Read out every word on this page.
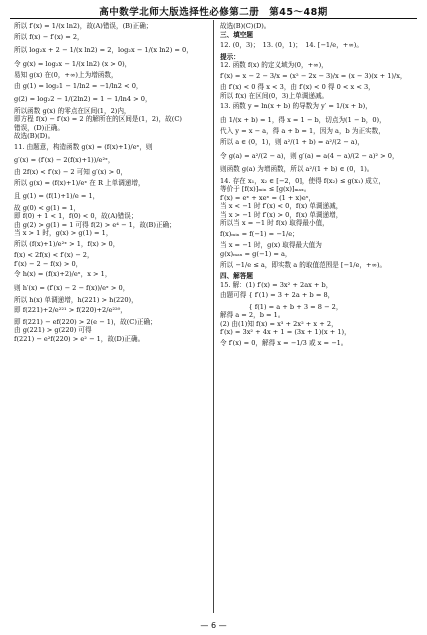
高中数学北师大版选择性必修第二册　第45～48期

所以 f′(x) = 1/(x ln2)，故(A)错误，(B)正确；

所以 f(x) − f′(x) = 2，

所以 log₂x + 2 − 1/(x ln2) = 2，log₂x − 1/(x ln2) = 0，

令 g(x) = log₂x − 1/(x ln2) (x > 0)，

易知 g(x) 在(0，+∞)上为增函数，

由 g(1) = log₂1 − 1/ln2 = −1/ln2 < 0，

g(2) = log₂2 − 1/(2ln2) = 1 − 1/ln4 > 0，

所以函数 g(x) 的零点在区间(1，2)内，

即方程 f(x) − f′(x) = 2 的解所在的区间是(1，2)，故(C)

错误，(D)正确。

故选(B)(D)。

11. 由题意，构造函数 g(x) = (f(x)+1)/eˣ，则

g′(x) = (f′(x) − 2(f(x)+1))/e²ˣ，

由 2f(x) < f′(x) − 2 可知 g′(x) > 0，

所以 g(x) = (f(x)+1)/eˣ 在 R 上单调递增，

且 g(1) = (f(1)+1)/e = 1，

故 g(0) < g(1) = 1，

即 f(0) + 1 < 1，f(0) < 0，故(A)错误；

由 g(2) > g(1) = 1 可得 f(2) > e⁴ − 1，故(B)正确；

当 x > 1 时，g(x) > g(1) = 1，

所以 (f(x)+1)/e²ˣ > 1，f(x) > 0，

f(x) < 2f(x) < f′(x) − 2，

f′(x) − 2 − f(x) > 0，

令 h(x) = (f(x)+2)/eˣ，x > 1，

则 h′(x) = (f′(x) − 2 − f(x))/eˣ > 0，

所以 h(x) 单调递增，h(221) > h(220)，

即 f(221)+2/e²²¹ > f(220)+2/e²²⁰，

即 f(221) − ef(220) > 2(e − 1)，故(C)正确；

由 g(221) > g(220) 可得

f(221) − e²f(220) > e² − 1，故(D)正确。

故选(B)(C)(D)。

三、填空题

12. (0，3)；　13. (0，1)；　14. [−1/e，+∞)。

提示：

12. 函数 f(x) 的定义域为(0，+∞)，

f′(x) = x − 2 − 3/x = (x² − 2x − 3)/x = (x − 3)(x + 1)/x，

由 f′(x) < 0 得 x < 3，由 f′(x) < 0 得 0 < x < 3，

所以 f(x) 在区间(0，3)上单调递减。

13. 函数 y = ln(x + b) 的导数为 y′ = 1/(x + b)，

由 1/(x + b) = 1，得 x = 1 − b，切点为(1 − b，0)，

代入 y = x − a，得 a + b = 1，因为 a，b 为正实数，

所以 a ∈ (0，1)，则 a²/(1 + b) = a²/(2 − a)，

令 g(a) = a²/(2 − a)，则 g′(a) = a(4 − a)/(2 − a)² > 0，

则函数 g(a) 为增函数，所以 a²/(1 + b) ∈ (0，1)。

14. 存在 x₁，x₂ ∈ [−2，0]，使得 f(x₂) ≤ g(x₁) 成立，

等价于 [f(x)]ₘᵢₙ ≤ [g(x)]ₘₐₓ。

f′(x) = eˣ + xeˣ = (1 + x)eˣ，

当 x < −1 时 f′(x) < 0，f(x) 单调递减，

当 x > −1 时 f′(x) > 0，f(x) 单调递增，

所以当 x = −1 时 f(x) 取得最小值，

f(x)ₘᵢₙ = f(−1) = −1/e；

当 x = −1 时，g(x) 取得最大值为

g(x)ₘₐₓ = g(−1) = a，

所以 −1/e ≤ a，即实数 a 的取值范围是 [−1/e，+∞)。

四、解答题

15. 解：(1) f′(x) = 3x² + 2ax + b，

由题可得 { f′(1) = 3 + 2a + b = 8，

　　　　 { f(1) = a + b + 3 = 8 − 2，

解得 a = 2，b = 1。

(2) 由(1)知 f(x) = x³ + 2x² + x + 2，

f′(x) = 3x² + 4x + 1 = (3x + 1)(x + 1)，

令 f′(x) = 0，解得 x = −1/3 或 x = −1。

— 6 —
